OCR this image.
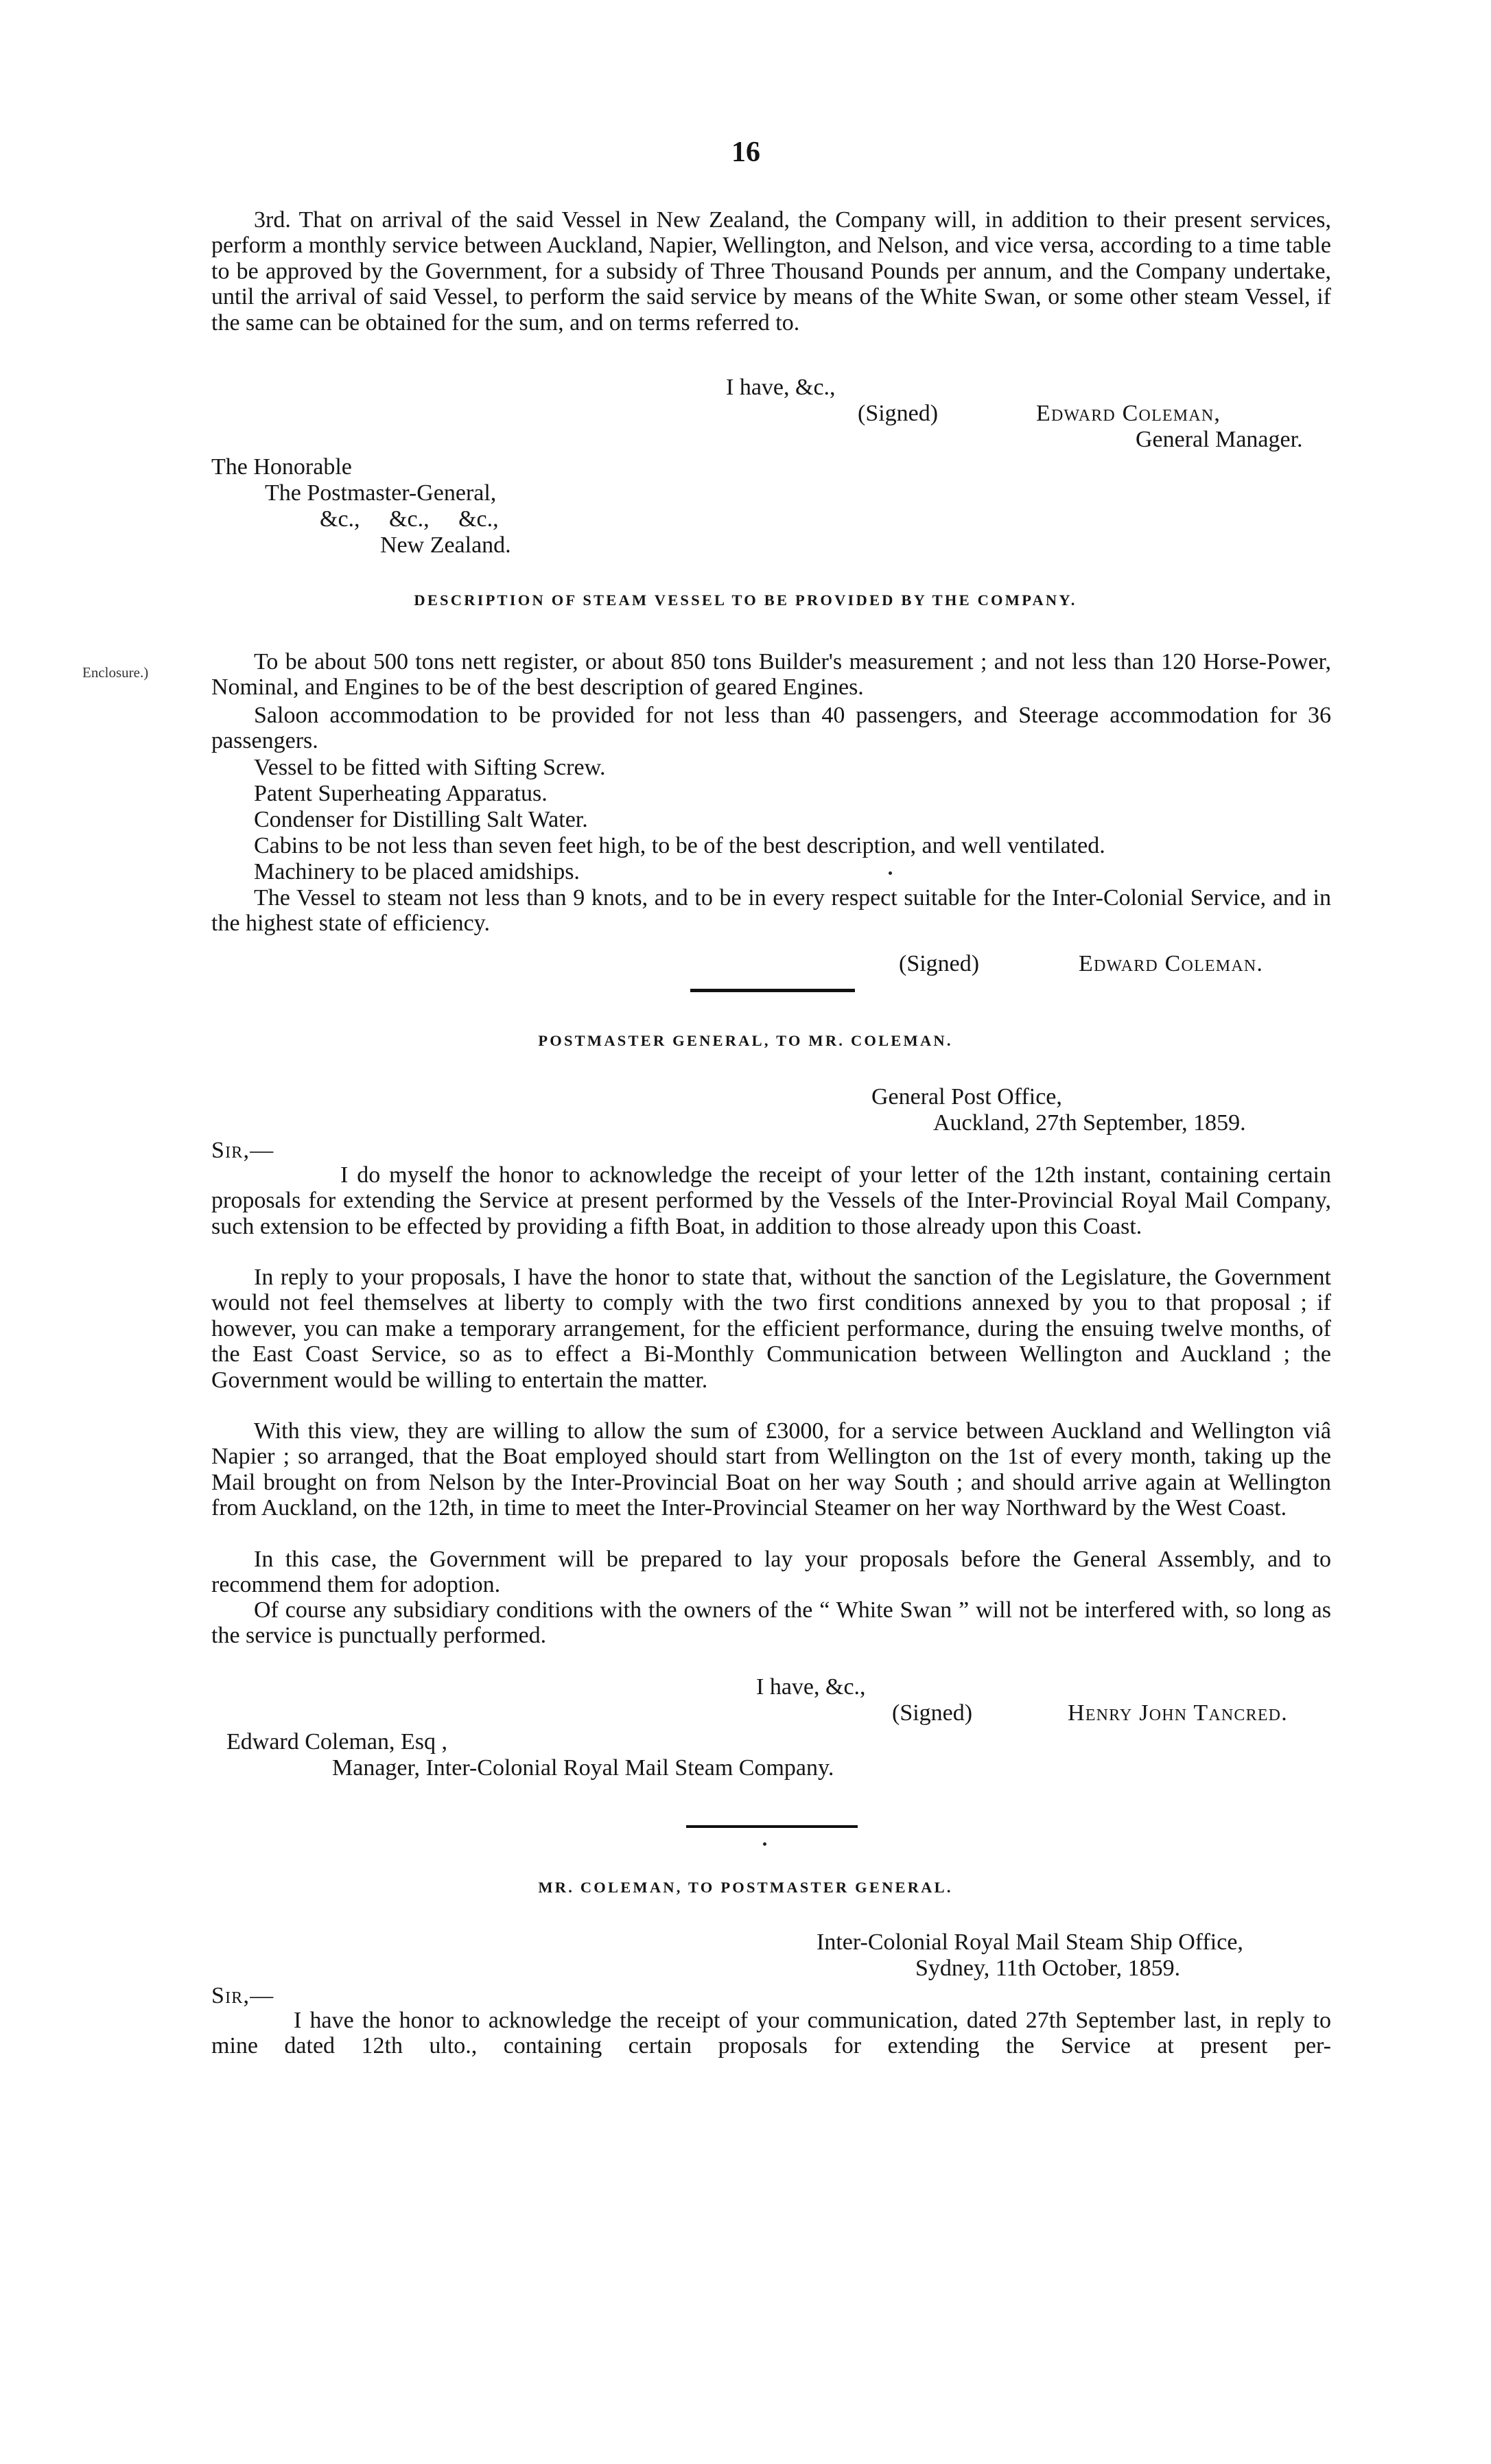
16
3rd. That on arrival of the said Vessel in New Zealand, the Company will, in addition to their present services, perform a monthly service between Auckland, Napier, Wellington, and Nelson, and vice versa, according to a time table to be approved by the Government, for a subsidy of Three Thousand Pounds per annum, and the Company undertake, until the arrival of said Vessel, to perform the said service by means of the White Swan, or some other steam Vessel, if the same can be obtained for the sum, and on terms referred to.
I have, &c.,
(Signed)	Edward Coleman,
General Manager.
The Honorable
The Postmaster-General,
&c., &c., &c.,
New Zealand.
DESCRIPTION OF STEAM VESSEL TO BE PROVIDED BY THE COMPANY.
Enclosure.)	To be about 500 tons nett register, or about 850 tons Builder's measurement ; and not less than 120 Horse-Power, Nominal, and Engines to be of the best description of geared Engines.
Saloon accommodation to be provided for not less than 40 passengers, and Steerage accommodation for 36 passengers.
Vessel to be fitted with Sifting Screw.
Patent Superheating Apparatus.
Condenser for Distilling Salt Water.
Cabins to be not less than seven feet high, to be of the best description, and well ventilated.
Machinery to be placed amidships.
The Vessel to steam not less than 9 knots, and to be in every respect suitable for the Inter-Colonial Service, and in the highest state of efficiency.
(Signed)	Edward Coleman.
POSTMASTER GENERAL, TO MR. COLEMAN.
General Post Office,
Auckland, 27th September, 1859.
Sir,—
I do myself the honor to acknowledge the receipt of your letter of the 12th instant, containing certain proposals for extending the Service at present performed by the Vessels of the Inter-Provincial Royal Mail Company, such extension to be effected by providing a fifth Boat, in addition to those already upon this Coast.
In reply to your proposals, I have the honor to state that, without the sanction of the Legislature, the Government would not feel themselves at liberty to comply with the two first conditions annexed by you to that proposal ; if however, you can make a temporary arrangement, for the efficient performance, during the ensuing twelve months, of the East Coast Service, so as to effect a Bi-Monthly Communication between Wellington and Auckland ; the Government would be willing to entertain the matter.
With this view, they are willing to allow the sum of £3000, for a service between Auckland and Wellington viâ Napier ; so arranged, that the Boat employed should start from Wellington on the 1st of every month, taking up the Mail brought on from Nelson by the Inter-Provincial Boat on her way South ; and should arrive again at Wellington from Auckland, on the 12th, in time to meet the Inter-Provincial Steamer on her way Northward by the West Coast.
In this case, the Government will be prepared to lay your proposals before the General Assembly, and to recommend them for adoption.
Of course any subsidiary conditions with the owners of the “ White Swan ” will not be interfered with, so long as the service is punctually performed.
I have, &c.,
(Signed)	Henry John Tancred.
Edward Coleman, Esq ,
Manager, Inter-Colonial Royal Mail Steam Company.
MR. COLEMAN, TO POSTMASTER GENERAL.
Inter-Colonial Royal Mail Steam Ship Office,
Sydney, 11th October, 1859.
Sir,—
I have the honor to acknowledge the receipt of your communication, dated 27th September last, in reply to mine dated 12th ulto., containing certain proposals for extending the Service at present per-
